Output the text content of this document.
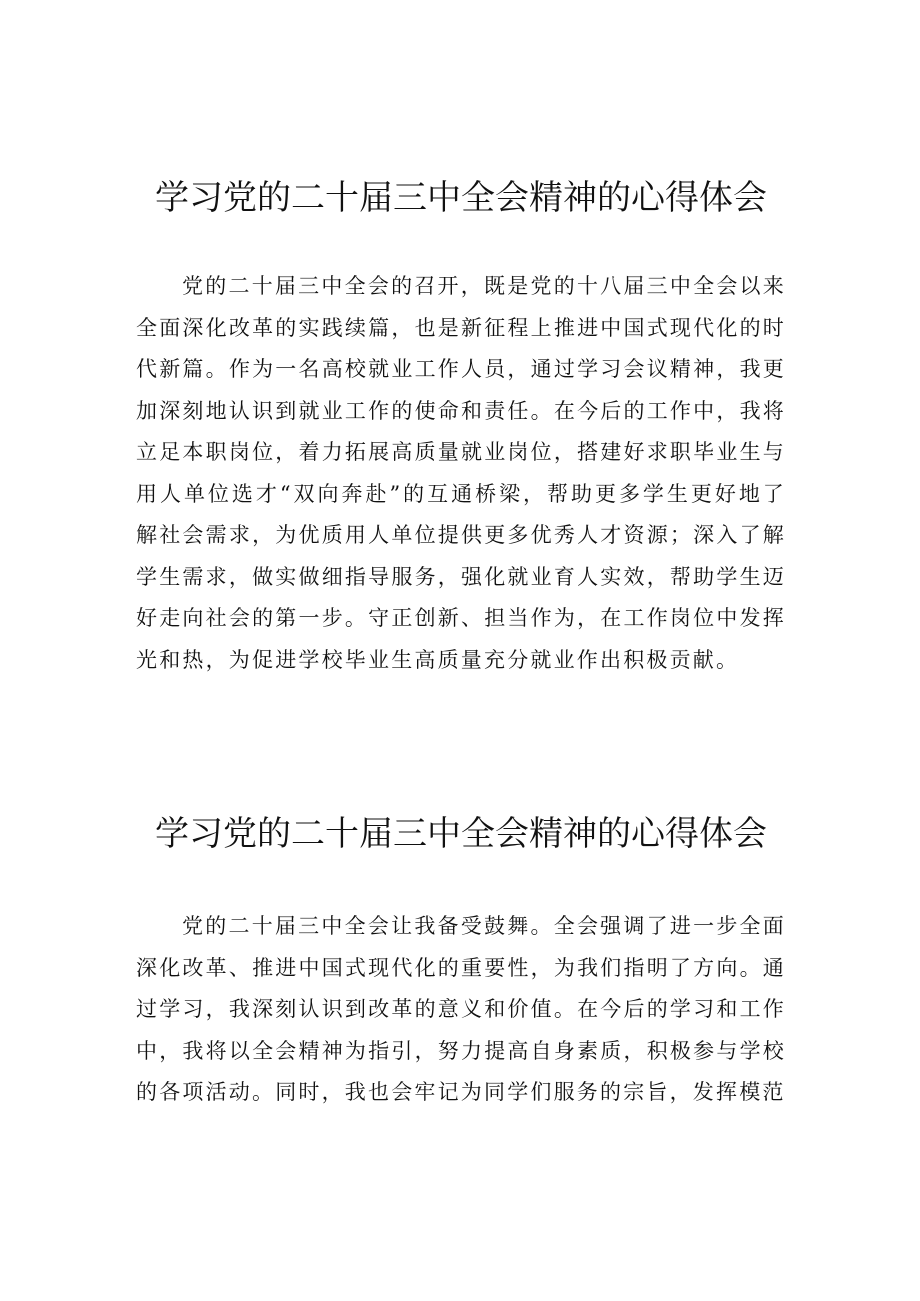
学习党的二十届三中全会精神的心得体会

党的二十届三中全会的召开，既是党的十八届三中全会以来全面深化改革的实践续篇，也是新征程上推进中国式现代化的时代新篇。作为一名高校就业工作人员，通过学习会议精神，我更加深刻地认识到就业工作的使命和责任。在今后的工作中，我将立足本职岗位，着力拓展高质量就业岗位，搭建好求职毕业生与用人单位选才“双向奔赴”的互通桥梁，帮助更多学生更好地了解社会需求，为优质用人单位提供更多优秀人才资源；深入了解学生需求，做实做细指导服务，强化就业育人实效，帮助学生迈好走向社会的第一步。守正创新、担当作为，在工作岗位中发挥光和热，为促进学校毕业生高质量充分就业作出积极贡献。

学习党的二十届三中全会精神的心得体会

党的二十届三中全会让我备受鼓舞。全会强调了进一步全面深化改革、推进中国式现代化的重要性，为我们指明了方向。通过学习，我深刻认识到改革的意义和价值。在今后的学习和工作中，我将以全会精神为指引，努力提高自身素质，积极参与学校的各项活动。同时，我也会牢记为同学们服务的宗旨，发挥模范
